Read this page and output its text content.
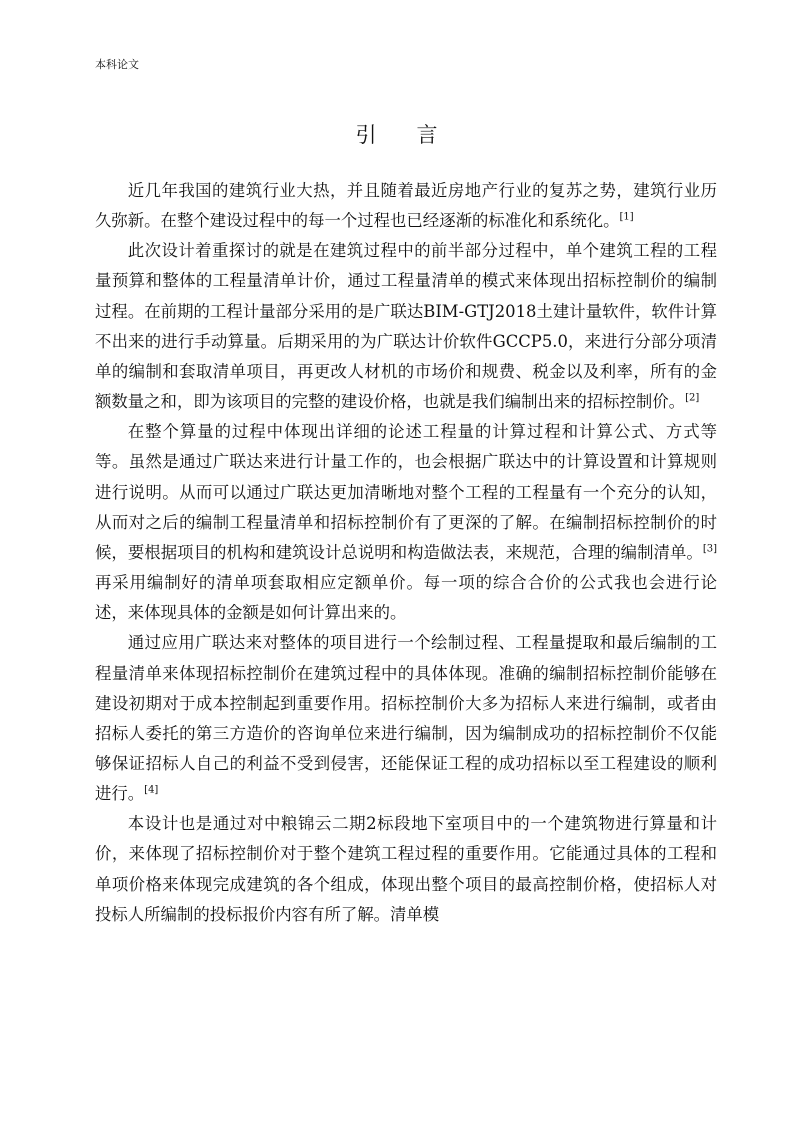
本科论文
引 言

近几年我国的建筑行业大热，并且随着最近房地产行业的复苏之势，建筑行业历久弥新。在整个建设过程中的每一个过程也已经逐渐的标准化和系统化。[1]

此次设计着重探讨的就是在建筑过程中的前半部分过程中，单个建筑工程的工程量预算和整体的工程量清单计价，通过工程量清单的模式来体现出招标控制价的编制过程。在前期的工程计量部分采用的是广联达BIM-GTJ2018土建计量软件，软件计算不出来的进行手动算量。后期采用的为广联达计价软件GCCP5.0，来进行分部分项清单的编制和套取清单项目，再更改人材机的市场价和规费、税金以及利率，所有的金额数量之和，即为该项目的完整的建设价格，也就是我们编制出来的招标控制价。[2]

在整个算量的过程中体现出详细的论述工程量的计算过程和计算公式、方式等等。虽然是通过广联达来进行计量工作的，也会根据广联达中的计算设置和计算规则进行说明。从而可以通过广联达更加清晰地对整个工程的工程量有一个充分的认知，从而对之后的编制工程量清单和招标控制价有了更深的了解。在编制招标控制价的时候，要根据项目的机构和建筑设计总说明和构造做法表，来规范，合理的编制清单。[3]再采用编制好的清单项套取相应定额单价。每一项的综合合价的公式我也会进行论述，来体现具体的金额是如何计算出来的。

通过应用广联达来对整体的项目进行一个绘制过程、工程量提取和最后编制的工程量清单来体现招标控制价在建筑过程中的具体体现。准确的编制招标控制价能够在建设初期对于成本控制起到重要作用。招标控制价大多为招标人来进行编制，或者由招标人委托的第三方造价的咨询单位来进行编制，因为编制成功的招标控制价不仅能够保证招标人自己的利益不受到侵害，还能保证工程的成功招标以至工程建设的顺利进行。[4]

本设计也是通过对中粮锦云二期2标段地下室项目中的一个建筑物进行算量和计价，来体现了招标控制价对于整个建筑工程过程的重要作用。它能通过具体的工程和单项价格来体现完成建筑的各个组成，体现出整个项目的最高控制价格，使招标人对投标人所编制的投标报价内容有所了解。清单模
